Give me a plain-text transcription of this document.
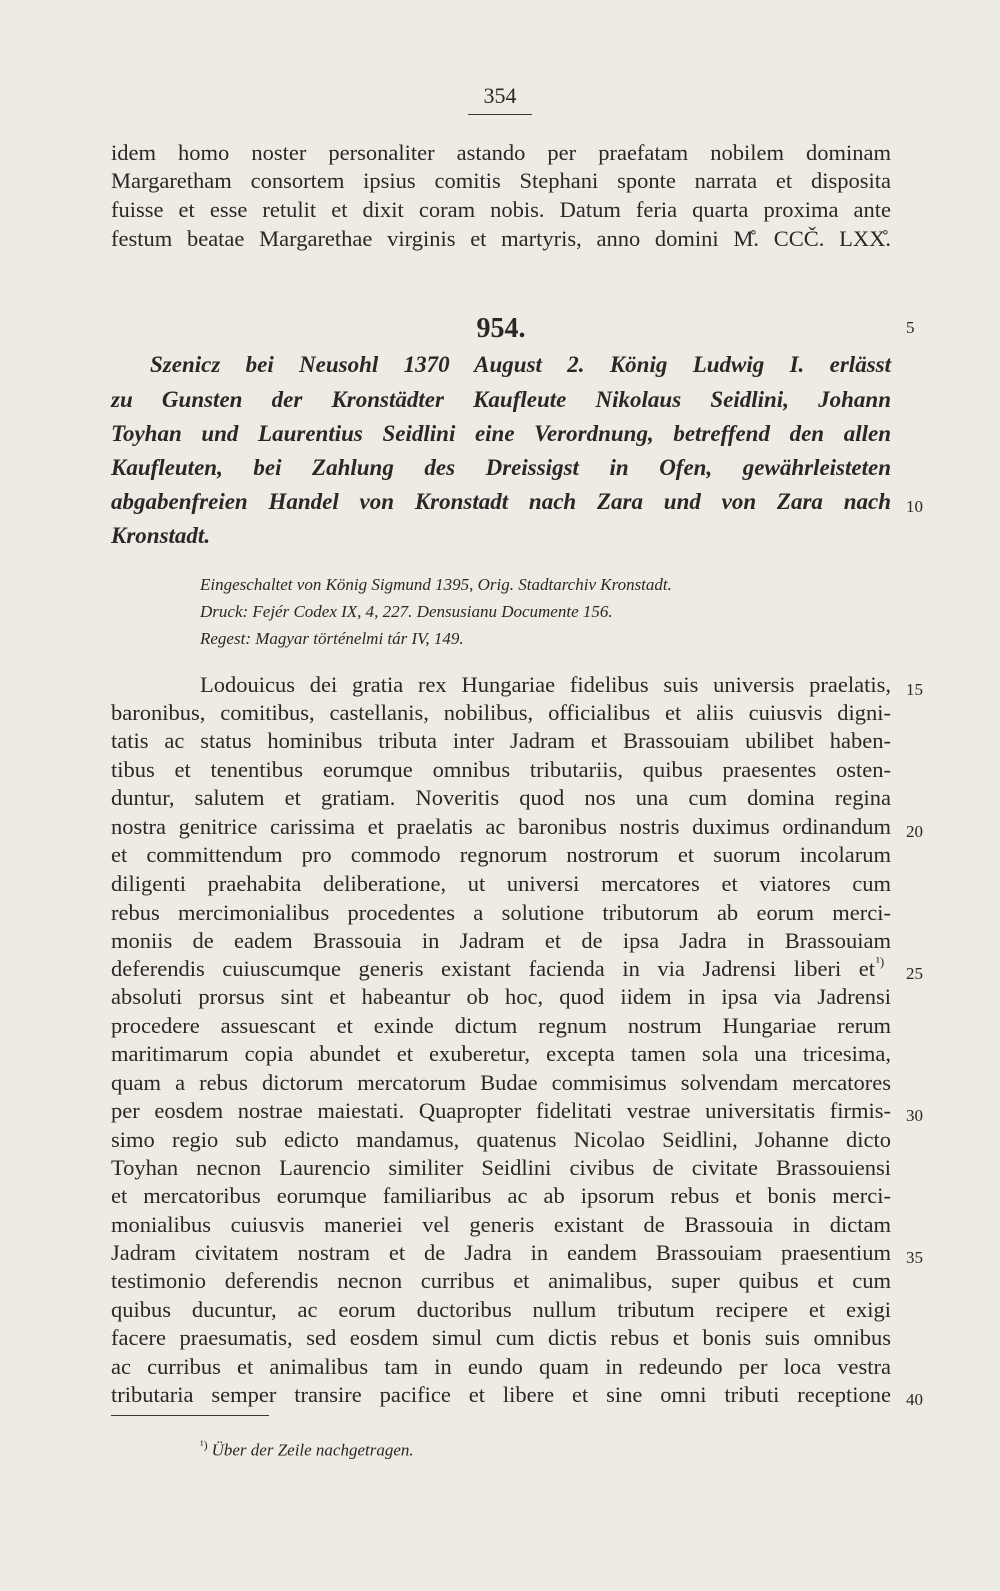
354
idem homo noster personaliter astando per praefatam nobilem dominam
Margaretham consortem ipsius comitis Stephani sponte narrata et disposita
fuisse et esse retulit et dixit coram nobis. Datum feria quarta proxima ante
festum beatae Margarethae virginis et martyris, anno domini M̊. CCČ. LXX̊.
954.
Szenicz bei Neusohl 1370 August 2. König Ludwig I. erlässt
zu Gunsten der Kronstädter Kaufleute Nikolaus Seidlini, Johann
Toyhan und Laurentius Seidlini eine Verordnung, betreffend den allen
Kaufleuten, bei Zahlung des Dreissigst in Ofen, gewährleisteten
abgabenfreien Handel von Kronstadt nach Zara und von Zara nach
Kronstadt.
Eingeschaltet von König Sigmund 1395, Orig. Stadtarchiv Kronstadt.
Druck: Fejér Codex IX, 4, 227. Densusianu Documente 156.
Regest: Magyar történelmi tár IV, 149.
Lodouicus dei gratia rex Hungariae fidelibus suis universis praelatis,
baronibus, comitibus, castellanis, nobilibus, officialibus et aliis cuiusvis digni-
tatis ac status hominibus tributa inter Jadram et Brassouiam ubilibet haben-
tibus et tenentibus eorumque omnibus tributariis, quibus praesentes osten-
duntur, salutem et gratiam. Noveritis quod nos una cum domina regina
nostra genitrice carissima et praelatis ac baronibus nostris duximus ordinandum
et committendum pro commodo regnorum nostrorum et suorum incolarum
diligenti praehabita deliberatione, ut universi mercatores et viatores cum
rebus mercimonialibus procedentes a solutione tributorum ab eorum merci-
moniis de eadem Brassouia in Jadram et de ipsa Jadra in Brassouiam
deferendis cuiuscumque generis existant facienda in via Jadrensi liberi et ¹)
absoluti prorsus sint et habeantur ob hoc, quod iidem in ipsa via Jadrensi
procedere assuescant et exinde dictum regnum nostrum Hungariae rerum
maritimarum copia abundet et exuberetur, excepta tamen sola una tricesima,
quam a rebus dictorum mercatorum Budae commisimus solvendam mercatores
per eosdem nostrae maiestati. Quapropter fidelitati vestrae universitatis firmis-
simo regio sub edicto mandamus, quatenus Nicolao Seidlini, Johanne dicto
Toyhan necnon Laurencio similiter Seidlini civibus de civitate Brassouiensi
et mercatoribus eorumque familiaribus ac ab ipsorum rebus et bonis merci-
monialibus cuiusvis maneriei vel generis existant de Brassouia in dictam
Jadram civitatem nostram et de Jadra in eandem Brassouiam praesentium
testimonio deferendis necnon curribus et animalibus, super quibus et cum
quibus ducuntur, ac eorum ductoribus nullum tributum recipere et exigi
facere praesumatis, sed eosdem simul cum dictis rebus et bonis suis omnibus
ac curribus et animalibus tam in eundo quam in redeundo per loca vestra
tributaria semper transire pacifice et libere et sine omni tributi receptione
5
10
15
20
25
30
35
40
$^{^1)}$ Über der Zeile nachgetragen.
